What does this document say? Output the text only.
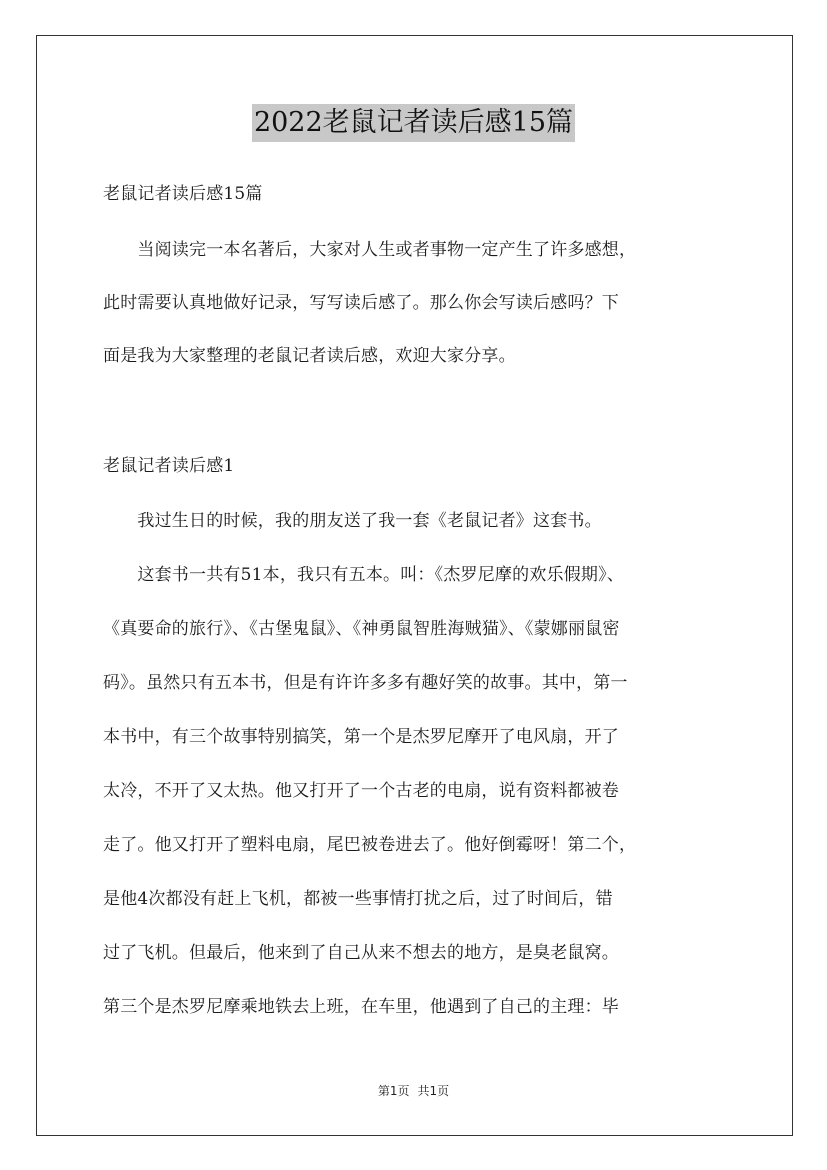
2022老鼠记者读后感15篇
老鼠记者读后感15篇
　　当阅读完一本名著后，大家对人生或者事物一定产生了许多感想，
此时需要认真地做好记录，写写读后感了。那么你会写读后感吗？下
面是我为大家整理的老鼠记者读后感，欢迎大家分享。
老鼠记者读后感1
　　我过生日的时候，我的朋友送了我一套《老鼠记者》这套书。
　　这套书一共有51本，我只有五本。叫：《杰罗尼摩的欢乐假期》、
《真要命的旅行》、《古堡鬼鼠》、《神勇鼠智胜海贼猫》、《蒙娜丽鼠密
码》。虽然只有五本书，但是有许许多多有趣好笑的故事。其中，第一
本书中，有三个故事特别搞笑，第一个是杰罗尼摩开了电风扇，开了
太冷，不开了又太热。他又打开了一个古老的电扇，说有资料都被卷
走了。他又打开了塑料电扇，尾巴被卷进去了。他好倒霉呀！第二个，
是他4次都没有赶上飞机，都被一些事情打扰之后，过了时间后，错
过了飞机。但最后，他来到了自己从来不想去的地方，是臭老鼠窝。
第三个是杰罗尼摩乘地铁去上班，在车里，他遇到了自己的主理：毕
第1页 共1页
